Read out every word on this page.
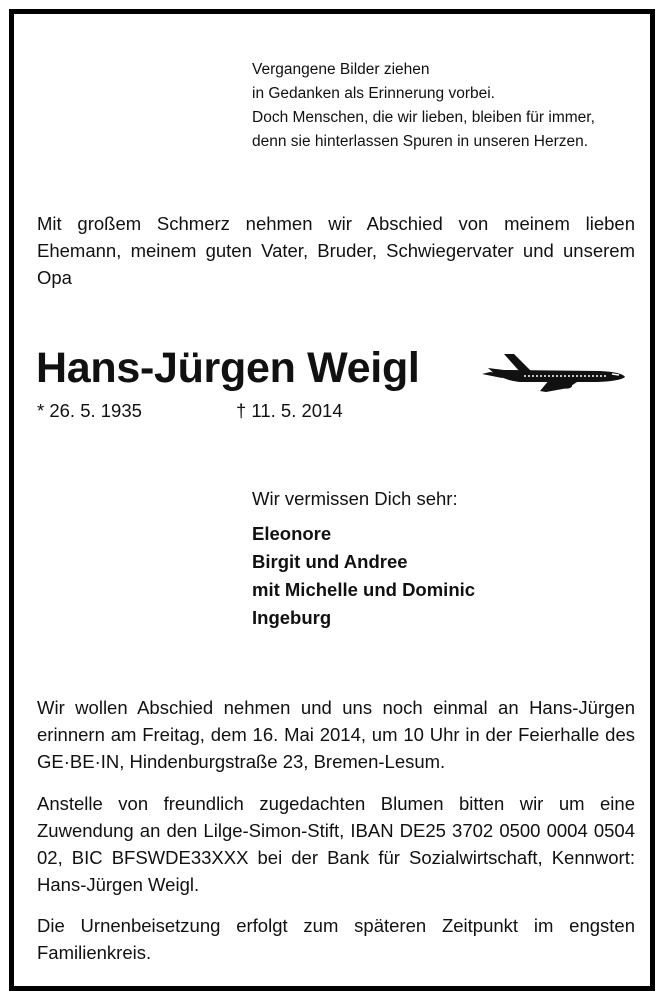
Vergangene Bilder ziehen
in Gedanken als Erinnerung vorbei.
Doch Menschen, die wir lieben, bleiben für immer,
denn sie hinterlassen Spuren in unseren Herzen.
Mit großem Schmerz nehmen wir Abschied von meinem lieben Ehemann, meinem guten Vater, Bruder, Schwiegervater und unserem Opa
Hans-Jürgen Weigl
* 26. 5. 1935	† 11. 5. 2014
Wir vermissen Dich sehr:
Eleonore
Birgit und Andree
mit Michelle und Dominic
Ingeburg
Wir wollen Abschied nehmen und uns noch einmal an Hans-Jürgen erinnern am Freitag, dem 16. Mai 2014, um 10 Uhr in der Feierhalle des GE·BE·IN, Hindenburgstraße 23, Bremen-Lesum.
Anstelle von freundlich zugedachten Blumen bitten wir um eine Zuwendung an den Lilge-Simon-Stift, IBAN DE25 3702 0500 0004 0504 02, BIC BFSWDE33XXX bei der Bank für Sozialwirtschaft, Kennwort: Hans-Jürgen Weigl.
Die Urnenbeisetzung erfolgt zum späteren Zeitpunkt im engsten Familienkreis.
